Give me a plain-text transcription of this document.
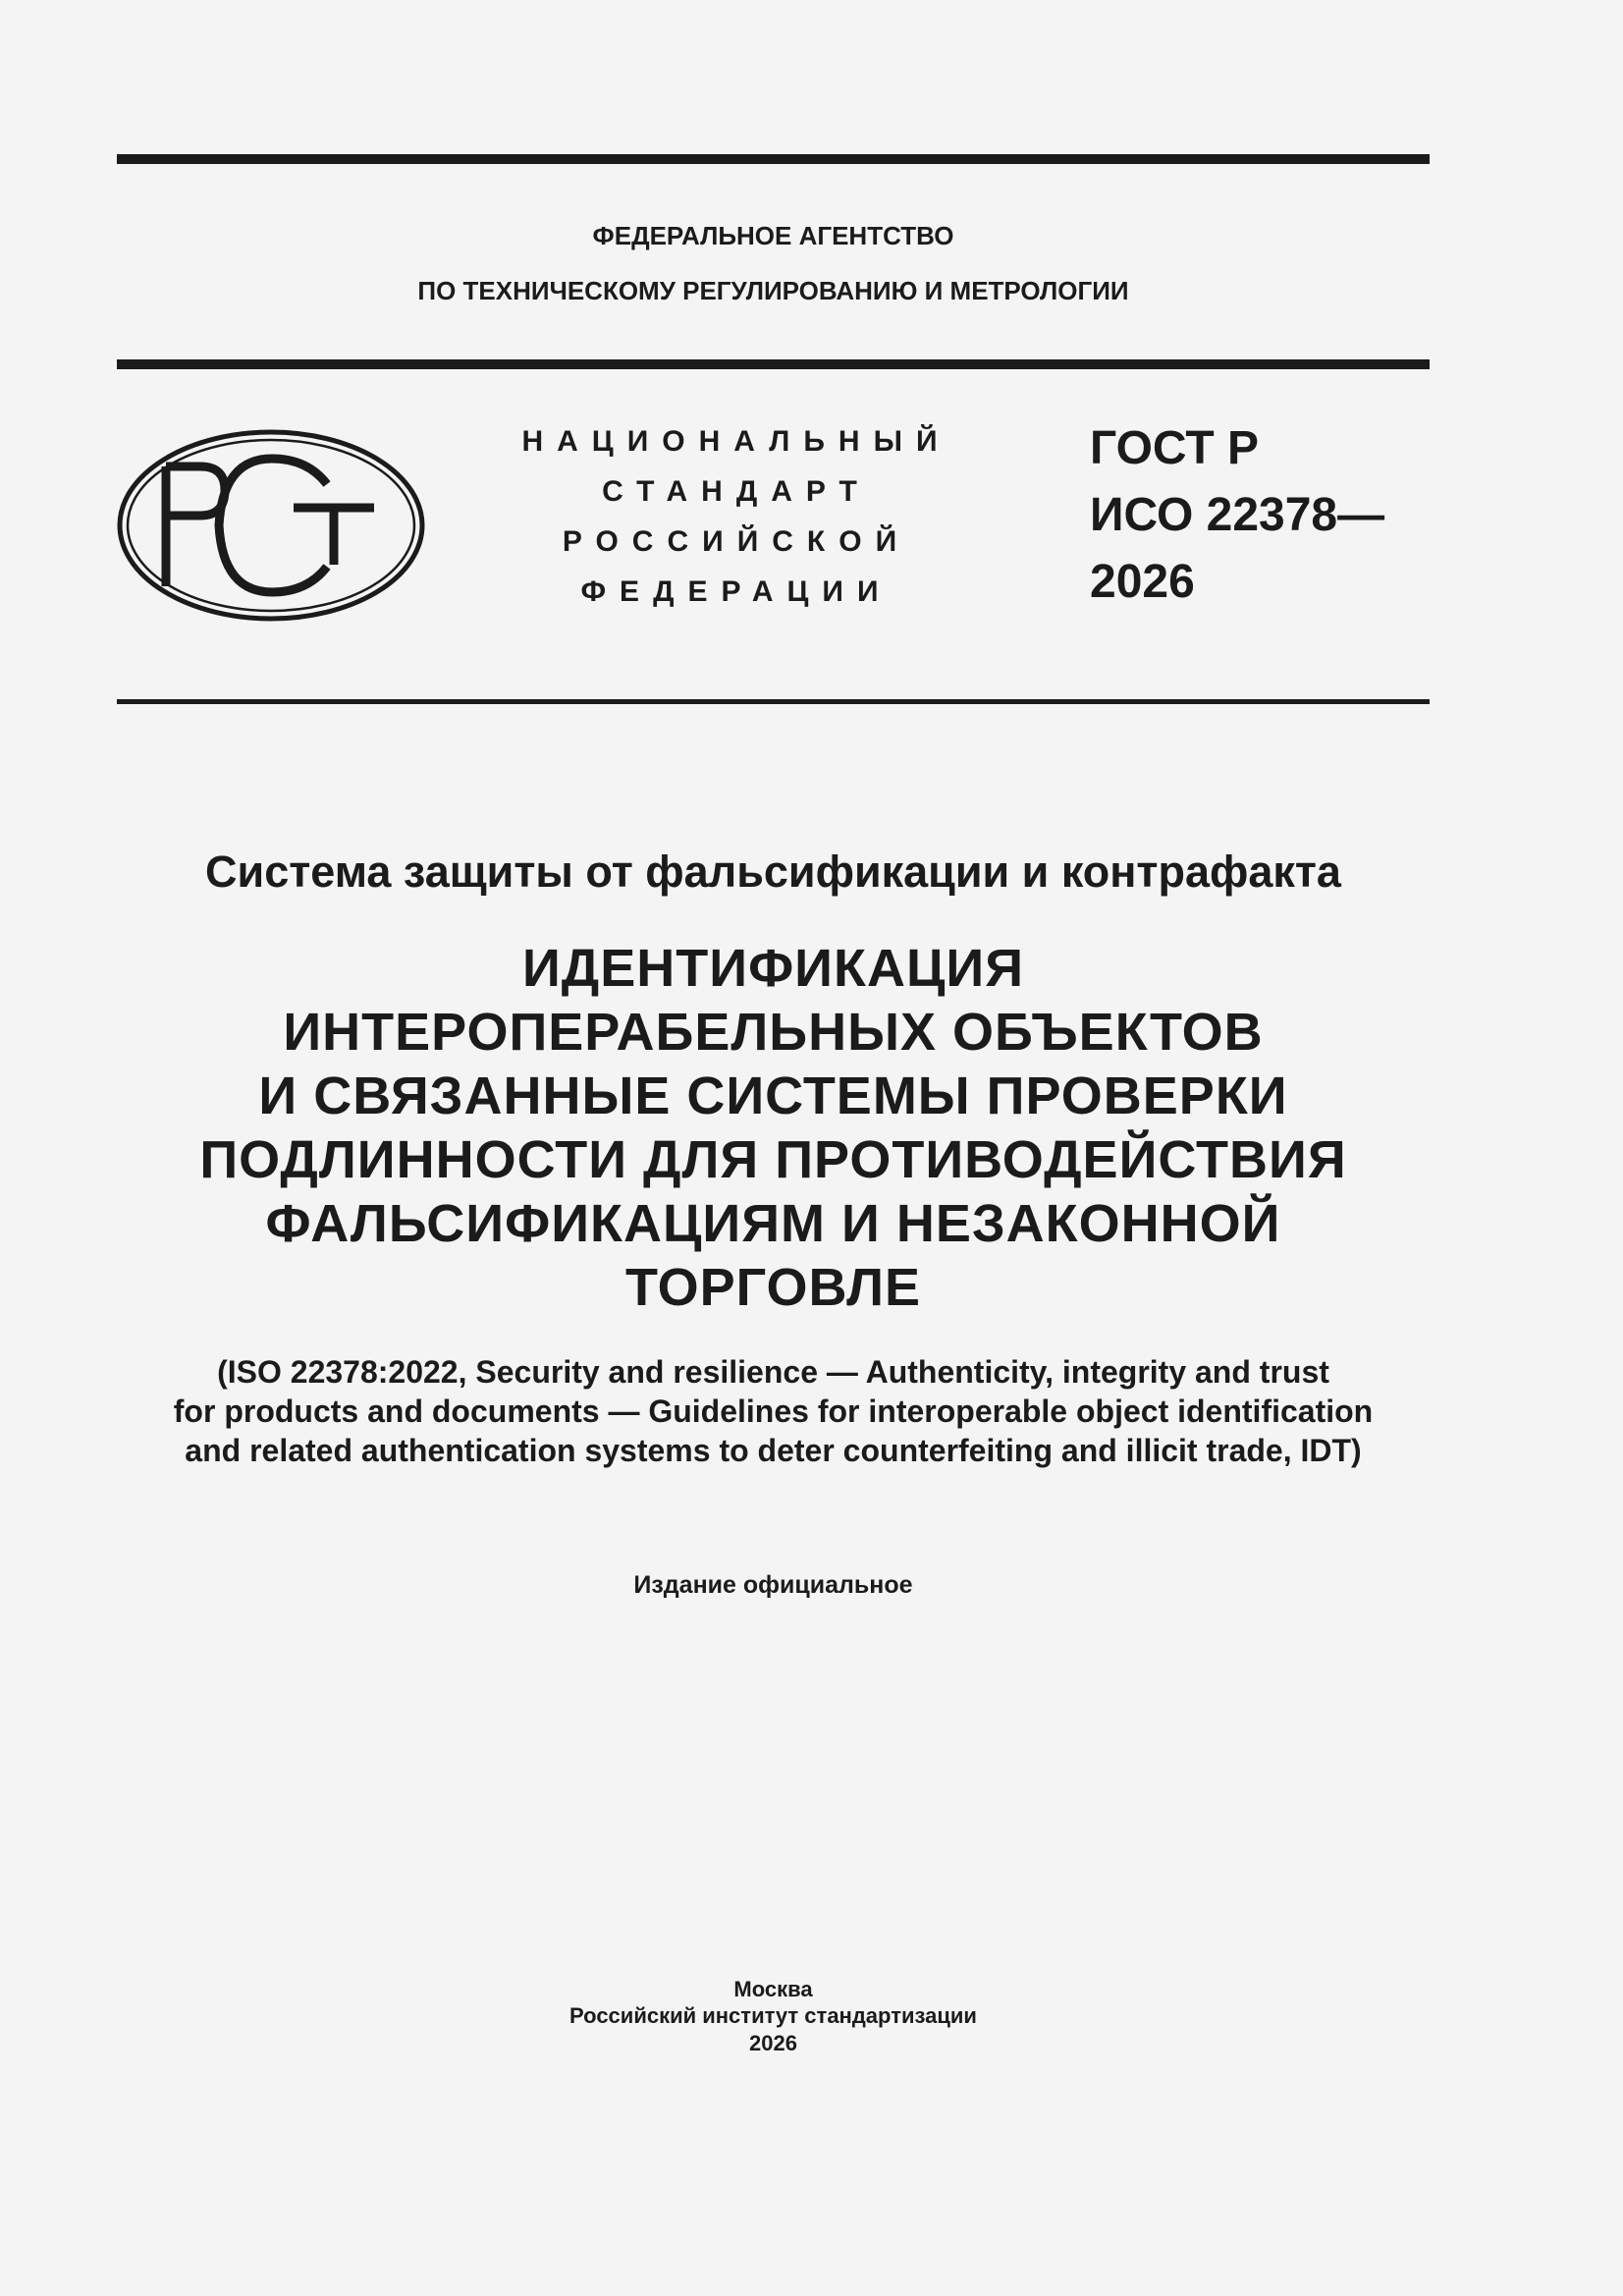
ФЕДЕРАЛЬНОЕ АГЕНТСТВО
ПО ТЕХНИЧЕСКОМУ РЕГУЛИРОВАНИЮ И МЕТРОЛОГИИ
НАЦИОНАЛЬНЫЙ
СТАНДАРТ
РОССИЙСКОЙ
ФЕДЕРАЦИИ
ГОСТ Р
ИСО 22378—
2026
Система защиты от фальсификации и контрафакта
ИДЕНТИФИКАЦИЯ
ИНТЕРОПЕРАБЕЛЬНЫХ ОБЪЕКТОВ
И СВЯЗАННЫЕ СИСТЕМЫ ПРОВЕРКИ
ПОДЛИННОСТИ ДЛЯ ПРОТИВОДЕЙСТВИЯ
ФАЛЬСИФИКАЦИЯМ И НЕЗАКОННОЙ
ТОРГОВЛЕ
(ISO 22378:2022, Security and resilience — Authenticity, integrity and trust
for products and documents — Guidelines for interoperable object identification
and related authentication systems to deter counterfeiting and illicit trade, IDT)
Издание официальное
Москва
Российский институт стандартизации
2026
